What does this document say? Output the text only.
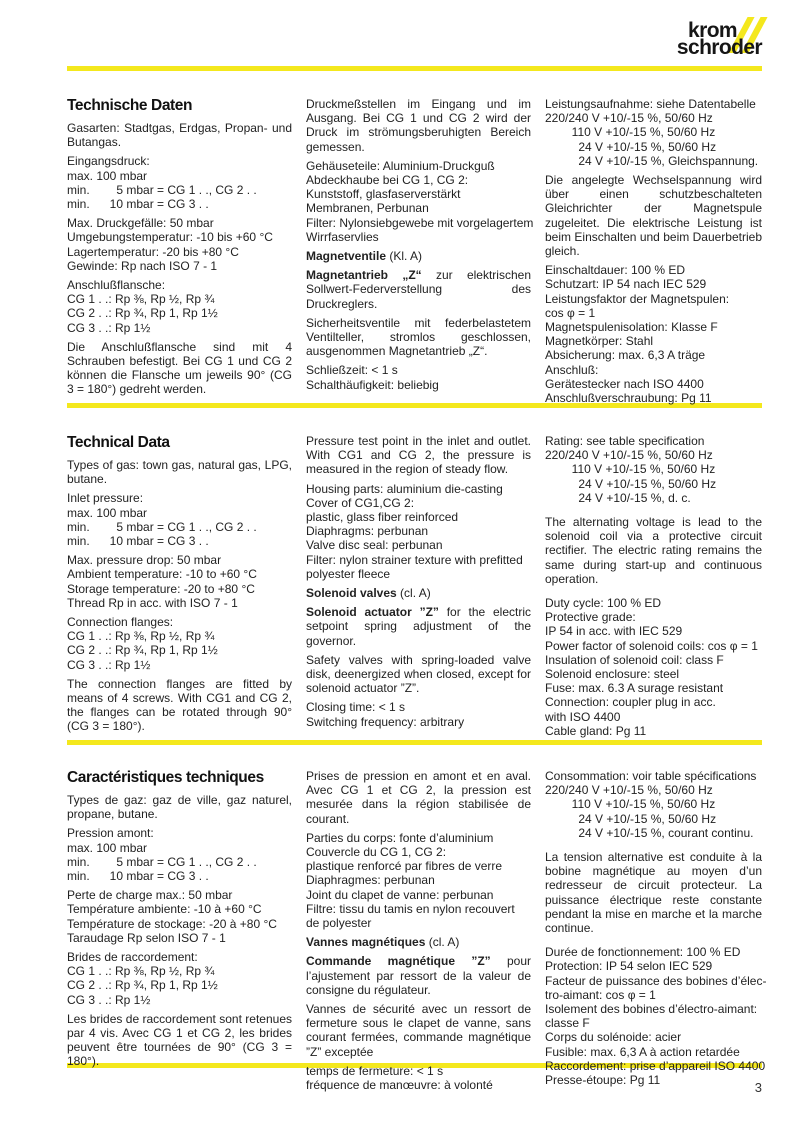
krom
schroder
Technische Daten

Gasarten: Stadtgas, Erdgas, Propan- und Butangas.

Eingangsdruck:
max. 100 mbar
min.        5 mbar = CG 1 . ., CG 2 . .
min.      10 mbar = CG 3 . .

Max. Druckgefälle: 50 mbar
Umgebungstemperatur: -10 bis +60 °C
Lagertemperatur: -20 bis +80 °C
Gewinde: Rp nach ISO 7 - 1

Anschlußflansche:
CG 1 . .: Rp ⅜, Rp ½, Rp ¾
CG 2 . .: Rp ¾, Rp 1, Rp 1½
CG 3 . .: Rp 1½

Die Anschlußflansche sind mit 4 Schrauben befestigt. Bei CG 1 und CG 2 können die Flansche um jeweils 90° (CG 3 = 180°) gedreht werden.

Druckmeßstellen im Eingang und im Ausgang. Bei CG 1 und CG 2 wird der Druck im strömungsberuhigten Bereich gemessen.

Gehäuseteile: Aluminium-Druckguß
Abdeckhaube bei CG 1, CG 2:
Kunststoff, glasfaserverstärkt
Membranen, Perbunan
Filter: Nylonsiebgewebe mit vorgelagertem
Wirrfaservlies

Magnetventile (Kl. A)

Magnetantrieb „Z“ zur elektrischen Sollwert-Federverstellung des Druckreglers.

Sicherheitsventile mit federbelastetem Ventilteller, stromlos geschlossen, ausgenommen Magnetantrieb „Z“.

Schließzeit: < 1 s
Schalthäufigkeit: beliebig

Leistungsaufnahme: siehe Datentabelle
220/240 V +10/-15 %, 50/60 Hz
110 V +10/-15 %, 50/60 Hz
24 V +10/-15 %, 50/60 Hz
24 V +10/-15 %, Gleichspannung.

Die angelegte Wechselspannung wird über einen schutzbeschalteten Gleichrichter der Magnetspule zugeleitet. Die elektrische Leistung ist beim Einschalten und beim Dauerbetrieb gleich.

Einschaltdauer: 100 % ED
Schutzart: IP 54 nach IEC 529
Leistungsfaktor der Magnetspulen:
cos φ = 1
Magnetspulenisolation: Klasse F
Magnetkörper: Stahl
Absicherung: max. 6,3 A träge
Anschluß:
Gerätestecker nach ISO 4400
Anschlußverschraubung: Pg 11

Technical Data

Types of gas: town gas, natural gas, LPG, butane.

Inlet pressure:
max. 100 mbar
min.        5 mbar = CG 1 . ., CG 2 . .
min.      10 mbar = CG 3 . .

Max. pressure drop: 50 mbar
Ambient temperature: -10 to +60 °C
Storage temperature: -20 to +80 °C
Thread Rp in acc. with ISO 7 - 1

Connection flanges:
CG 1 . .: Rp ⅜, Rp ½, Rp ¾
CG 2 . .: Rp ¾, Rp 1, Rp 1½
CG 3 . .: Rp 1½

The connection flanges are fitted by means of 4 screws. With CG1 and CG 2, the flanges can be rotated through 90° (CG 3 = 180°).

Pressure test point in the inlet and outlet. With CG1 and CG 2, the pressure is measured in the region of steady flow.

Housing parts: aluminium die-casting
Cover of CG1,CG 2:
plastic, glass fiber reinforced
Diaphragms: perbunan
Valve disc seal: perbunan
Filter: nylon strainer texture with prefitted
polyester fleece

Solenoid valves (cl. A)

Solenoid actuator ”Z” for the electric setpoint spring adjustment of the governor.

Safety valves with spring-loaded valve disk, deenergized when closed, except for solenoid actuator ”Z”.

Closing time: < 1 s
Switching frequency: arbitrary

Rating: see table specification
220/240 V +10/-15 %, 50/60 Hz
110 V +10/-15 %, 50/60 Hz
24 V +10/-15 %, 50/60 Hz
24 V +10/-15 %, d. c.

The alternating voltage is lead to the solenoid coil via a protective circuit rectifier. The electric rating remains the same during start-up and continuous operation.

Duty cycle: 100 % ED
Protective grade:
IP 54 in acc. with IEC 529
Power factor of solenoid coils: cos φ = 1
Insulation of solenoid coil: class F
Solenoid enclosure: steel
Fuse: max. 6.3 A surage resistant
Connection: coupler plug in acc.
with ISO 4400
Cable gland: Pg 11

Caractéristiques techniques

Types de gaz: gaz de ville, gaz naturel, propane, butane.

Pression amont:
max. 100 mbar
min.        5 mbar = CG 1 . ., CG 2 . .
min.      10 mbar = CG 3 . .

Perte de charge max.: 50 mbar
Température ambiente: -10 à +60 °C
Température de stockage: -20 à +80 °C
Taraudage Rp selon ISO 7 - 1

Brides de raccordement:
CG 1 . .: Rp ⅜, Rp ½, Rp ¾
CG 2 . .: Rp ¾, Rp 1, Rp 1½
CG 3 . .: Rp 1½

Les brides de raccordement sont retenues par 4 vis. Avec CG 1 et CG 2, les brides peuvent être tournées de 90° (CG 3 = 180°).

Prises de pression en amont et en aval. Avec CG 1 et CG 2, la pression est mesurée dans la région stabilisée de courant.

Parties du corps: fonte d’aluminium
Couvercle du CG 1, CG 2:
plastique renforcé par fibres de verre
Diaphragmes: perbunan
Joint du clapet de vanne: perbunan
Filtre: tissu du tamis en nylon recouvert
de polyester

Vannes magnétiques (cl. A)

Commande magnétique ”Z” pour l’ajustement par ressort de la valeur de consigne du régulateur.

Vannes de sécurité avec un ressort de fermeture sous le clapet de vanne, sans courant fermées, commande magnétique ”Z” exceptée

temps de fermeture: < 1 s
fréquence de manœuvre: à volonté

Consommation: voir table spécifications
220/240 V +10/-15 %, 50/60 Hz
110 V +10/-15 %, 50/60 Hz
24 V +10/-15 %, 50/60 Hz
24 V +10/-15 %, courant continu.

La tension alternative est conduite à la bobine magnétique au moyen d’un redresseur de circuit protecteur. La puissance électrique reste constante pendant la mise en marche et la marche continue.

Durée de fonctionnement: 100 % ED
Protection: IP 54 selon IEC 529
Facteur de puissance des bobines d’élec-
tro-aimant: cos φ = 1
Isolement des bobines d’électro-aimant:
classe F
Corps du solénoide: acier
Fusible: max. 6,3 A à action retardée
Raccordement: prise d’appareil ISO 4400
Presse-étoupe: Pg 11	3
